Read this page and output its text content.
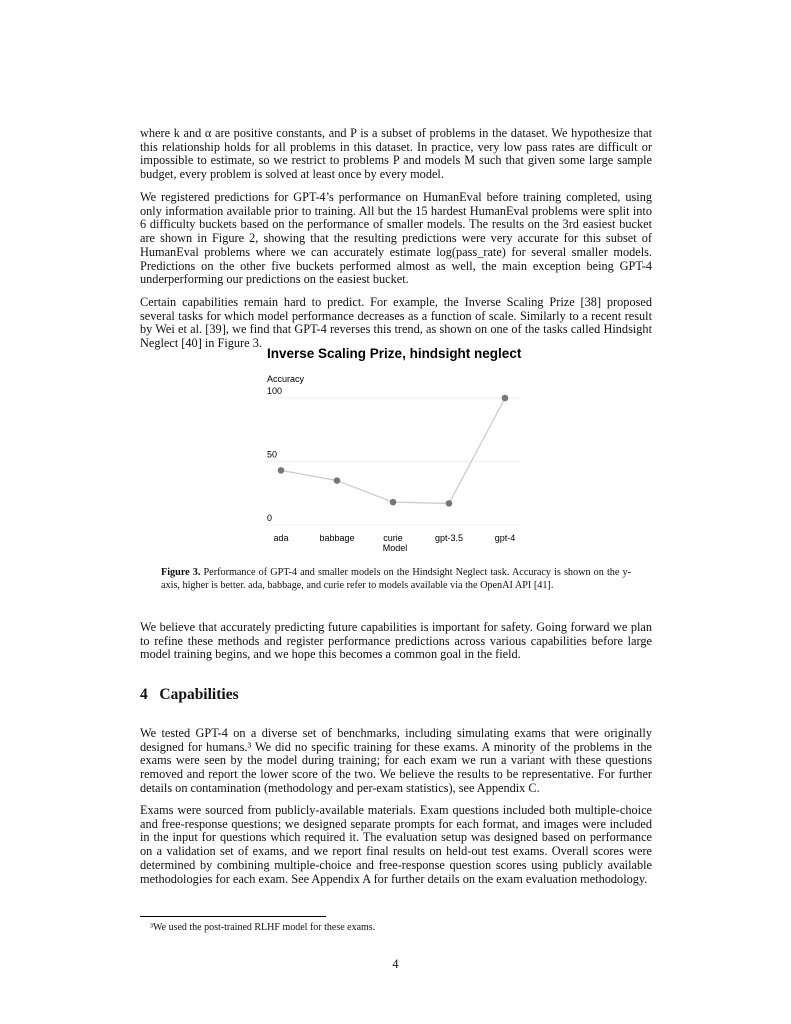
where k and α are positive constants, and P is a subset of problems in the dataset. We hypothesize that this relationship holds for all problems in this dataset. In practice, very low pass rates are difficult or impossible to estimate, so we restrict to problems P and models M such that given some large sample budget, every problem is solved at least once by every model.

We registered predictions for GPT-4’s performance on HumanEval before training completed, using only information available prior to training. All but the 15 hardest HumanEval problems were split into 6 difficulty buckets based on the performance of smaller models. The results on the 3rd easiest bucket are shown in Figure 2, showing that the resulting predictions were very accurate for this subset of HumanEval problems where we can accurately estimate log(pass_rate) for several smaller models. Predictions on the other five buckets performed almost as well, the main exception being GPT-4 underperforming our predictions on the easiest bucket.

Certain capabilities remain hard to predict. For example, the Inverse Scaling Prize [38] proposed several tasks for which model performance decreases as a function of scale. Similarly to a recent result by Wei et al. [39], we find that GPT-4 reverses this trend, as shown on one of the tasks called Hindsight Neglect [40] in Figure 3.

Inverse Scaling Prize, hindsight neglect
Accuracy
0
50
100
ada	babbage	curie	gpt-3.5	gpt-4
Model
Figure 3. Performance of GPT-4 and smaller models on the Hindsight Neglect task. Accuracy is shown on the y-axis, higher is better. ada, babbage, and curie refer to models available via the OpenAI API [41].

We believe that accurately predicting future capabilities is important for safety. Going forward we plan to refine these methods and register performance predictions across various capabilities before large model training begins, and we hope this becomes a common goal in the field.

4 Capabilities

We tested GPT-4 on a diverse set of benchmarks, including simulating exams that were originally designed for humans.³ We did no specific training for these exams. A minority of the problems in the exams were seen by the model during training; for each exam we run a variant with these questions removed and report the lower score of the two. We believe the results to be representative. For further details on contamination (methodology and per-exam statistics), see Appendix C.

Exams were sourced from publicly-available materials. Exam questions included both multiple-choice and free-response questions; we designed separate prompts for each format, and images were included in the input for questions which required it. The evaluation setup was designed based on performance on a validation set of exams, and we report final results on held-out test exams. Overall scores were determined by combining multiple-choice and free-response question scores using publicly available methodologies for each exam. See Appendix A for further details on the exam evaluation methodology.

³We used the post-trained RLHF model for these exams.
4
